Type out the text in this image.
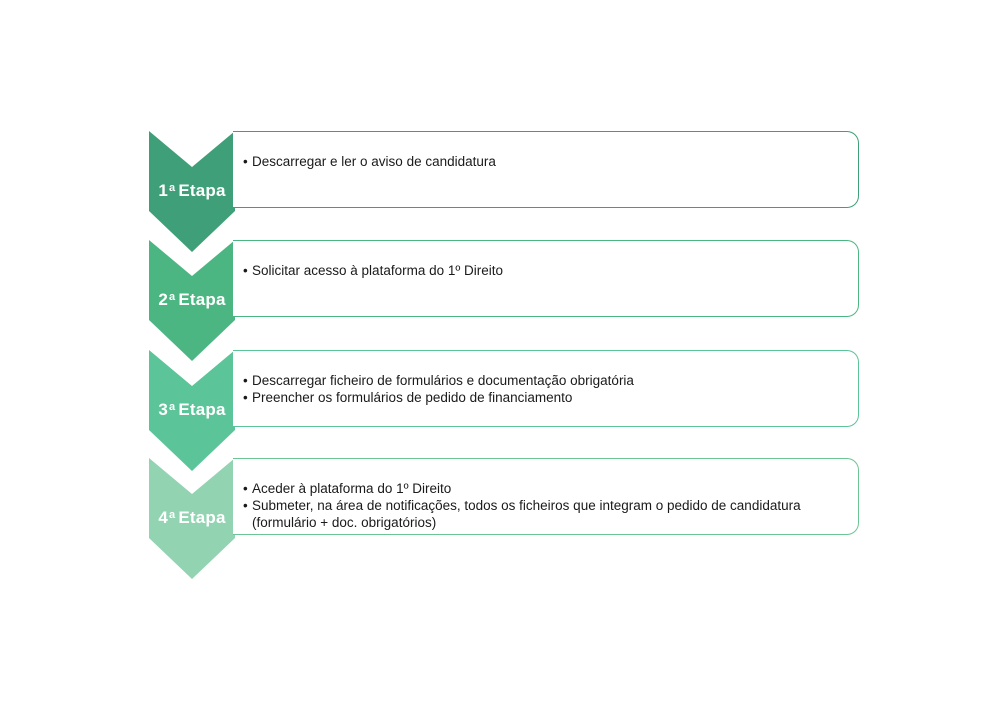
1$^a$ Etapa
• Descarregar e ler o aviso de candidatura
2$^a$ Etapa
• Solicitar acesso à plataforma do 1º Direito
3$^a$ Etapa
• Descarregar ficheiro de formulários e documentação obrigatória
• Preencher os formulários de pedido de financiamento
4$^a$ Etapa
• Aceder à plataforma do 1º Direito
• Submeter, na área de notificações, todos os ficheiros que integram o pedido de candidatura (formulário + doc. obrigatórios)
